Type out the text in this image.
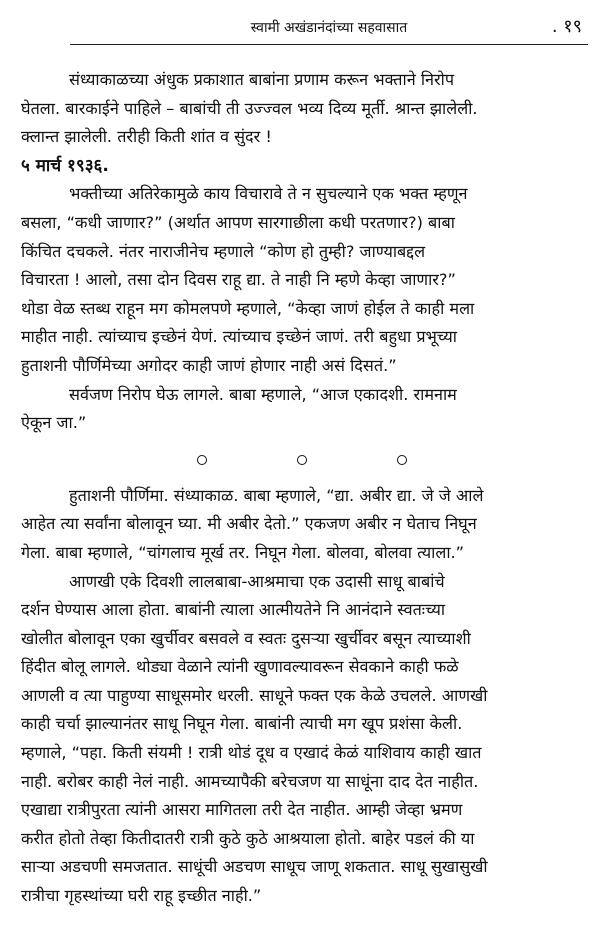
स्वामी अखंडानंदांच्या सहवासात	. १९
संध्याकाळच्या अंधुक प्रकाशात बाबांना प्रणाम करून भक्ताने निरोप
घेतला. बारकाईने पाहिले – बाबांची ती उज्ज्वल भव्य दिव्य मूर्ती. श्रान्त झालेली.
क्लान्त झालेली. तरीही किती शांत व सुंदर !
५ मार्च १९३६.
भक्तीच्या अतिरेकामुळे काय विचारावे ते न सुचल्याने एक भक्त म्हणून
बसला, “कधी जाणार?” (अर्थात आपण सारगाछीला कधी परतणार?) बाबा
किंचित दचकले. नंतर नाराजीनेच म्हणाले “कोण हो तुम्ही? जाण्याबद्दल
विचारता ! आलो, तसा दोन दिवस राहू द्या. ते नाही नि म्हणे केव्हा जाणार?”
थोडा वेळ स्तब्ध राहून मग कोमलपणे म्हणाले, “केव्हा जाणं होईल ते काही मला
माहीत नाही. त्यांच्याच इच्छेनं येणं. त्यांच्याच इच्छेनं जाणं. तरी बहुधा प्रभूच्या
हुताशनी पौर्णिमेच्या अगोदर काही जाणं होणार नाही असं दिसतं.”
सर्वजण निरोप घेऊ लागले. बाबा म्हणाले, “आज एकादशी. रामनाम
ऐकून जा.”
हुताशनी पौर्णिमा. संध्याकाळ. बाबा म्हणाले, “द्या. अबीर द्या. जे जे आले
आहेत त्या सर्वांना बोलावून घ्या. मी अबीर देतो.” एकजण अबीर न घेताच निघून
गेला. बाबा म्हणाले, “चांगलाच मूर्ख तर. निघून गेला. बोलवा, बोलवा त्याला.”
आणखी एके दिवशी लालबाबा-आश्रमाचा एक उदासी साधू बाबांचे
दर्शन घेण्यास आला होता. बाबांनी त्याला आत्मीयतेने नि आनंदाने स्वतःच्या
खोलीत बोलावून एका खुर्चीवर बसवले व स्वतः दुसऱ्या खुर्चीवर बसून त्याच्याशी
हिंदीत बोलू लागले. थोड्या वेळाने त्यांनी खुणावल्यावरून सेवकाने काही फळे
आणली व त्या पाहुण्या साधूसमोर धरली. साधूने फक्त एक केळे उचलले. आणखी
काही चर्चा झाल्यानंतर साधू निघून गेला. बाबांनी त्याची मग खूप प्रशंसा केली.
म्हणाले, “पहा. किती संयमी ! रात्री थोडं दूध व एखादं केळं याशिवाय काही खात
नाही. बरोबर काही नेलं नाही. आमच्यापैकी बरेचजण या साधूंना दाद देत नाहीत.
एखाद्या रात्रीपुरता त्यांनी आसरा मागितला तरी देत नाहीत. आम्ही जेव्हा भ्रमण
करीत होतो तेव्हा कितीदातरी रात्री कुठे कुठे आश्रयाला होतो. बाहेर पडलं की या
साऱ्या अडचणी समजतात. साधूंची अडचण साधूच जाणू शकतात. साधू सुखासुखी
रात्रीचा गृहस्थांच्या घरी राहू इच्छीत नाही.”
